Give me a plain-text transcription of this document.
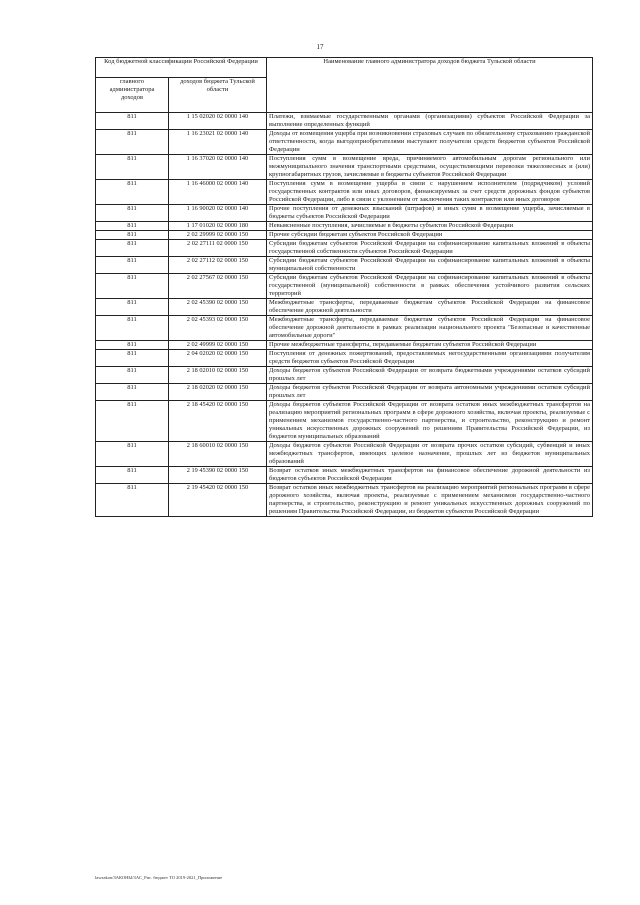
17
Код бюджетной классификации Российской Федерации		Наименование главного администратора доходов бюджета Тульской области
главного администратора доходов	доходов бюджета Тульской области	
811	1 15 02020 02 0000 140	Платежи, взимаемые государственными органами (организациями) субъектов Российской Федерации за выполнение определенных функций
811	1 16 23021 02 0000 140	Доходы от возмещения ущерба при возникновении страховых случаев по обязательному страхованию гражданской ответственности, когда выгодоприобретателями выступают получатели средств бюджетов субъектов Российской Федерации
811	1 16 37020 02 0000 140	Поступления сумм в возмещение вреда, причиняемого автомобильным дорогам регионального или межмуниципального значения транспортными средствами, осуществляющими перевозки тяжеловесных и (или) крупногабаритных грузов, зачисляемые в бюджеты субъектов Российской Федерации
811	1 16 46000 02 0000 140	Поступления сумм в возмещение ущерба в связи с нарушением исполнителем (подрядчиком) условий государственных контрактов или иных договоров, финансируемых за счет средств дорожных фондов субъектов Российской Федерации, либо в связи с уклонением от заключения таких контрактов или иных договоров
811	1 16 90020 02 0000 140	Прочие поступления от денежных взысканий (штрафов) и иных сумм в возмещение ущерба, зачисляемые в бюджеты субъектов Российской Федерации
811	1 17 01020 02 0000 180	Невыясненные поступления, зачисляемые в бюджеты субъектов Российской Федерации
811	2 02 29999 02 0000 150	Прочие субсидии бюджетам субъектов Российской Федерации
811	2 02 27111 02 0000 150	Субсидии бюджетам субъектов Российской Федерации на софинансирование капитальных вложений в объекты государственной собственности субъектов Российской Федерации
811	2 02 27112 02 0000 150	Субсидии бюджетам субъектов Российской Федерации на софинансирование капитальных вложений в объекты муниципальной собственности
811	2 02 27567 02 0000 150	Субсидии бюджетам субъектов Российской Федерации на софинансирование капитальных вложений в объекты государственной (муниципальной) собственности в рамках обеспечения устойчивого развития сельских территорий
811	2 02 45390 02 0000 150	Межбюджетные трансферты, передаваемые бюджетам субъектов Российской Федерации на финансовое обеспечение дорожной деятельности
811	2 02 45393 02 0000 150	Межбюджетные трансферты, передаваемые бюджетам субъектов Российской Федерации на финансовое обеспечение дорожной деятельности в рамках реализации национального проекта "Безопасные и качественные автомобильные дороги"
811	2 02 49999 02 0000 150	Прочие межбюджетные трансферты, передаваемые бюджетам субъектов Российской Федерации
811	2 04 02020 02 0000 150	Поступления от денежных пожертвований, предоставляемых негосударственными организациями получателям средств бюджетов субъектов Российской Федерации
811	2 18 02010 02 0000 150	Доходы бюджетов субъектов Российской Федерации от возврата бюджетными учреждениями остатков субсидий прошлых лет
811	2 18 02020 02 0000 150	Доходы бюджетов субъектов Российской Федерации от возврата автономными учреждениями остатков субсидий прошлых лет
811	2 18 45420 02 0000 150	Доходы бюджетов субъектов Российской Федерации от возврата остатков иных межбюджетных трансфертов на реализацию мероприятий региональных программ в сфере дорожного хозяйства, включая проекты, реализуемые с применением механизмов государственно-частного партнерства, и строительство, реконструкцию и ремонт уникальных искусственных дорожных сооружений по решениям Правительства Российской Федерации, из бюджетов муниципальных образований
811	2 18 60010 02 0000 150	Доходы бюджетов субъектов Российской Федерации от возврата прочих остатков субсидий, субвенций и иных межбюджетных трансфертов, имеющих целевое назначение, прошлых лет из бюджетов муниципальных образований
811	2 19 45390 02 0000 150	Возврат остатков иных межбюджетных трансфертов на финансовое обеспечение дорожной деятельности из бюджетов субъектов Российской Федерации
811	2 19 45420 02 0000 150	Возврат остатков иных межбюджетных трансфертов на реализацию мероприятий региональных программ в сфере дорожного хозяйства, включая проекты, реализуемые с применением механизмов государственно-частного партнерства, и строительство, реконструкцию и ремонт уникальных искусственных дорожных сооружений по решениям Правительства Российской Федерации, из бюджетов субъектов Российской Федерации
lawzakon/ЗАКОНЫ/ЗАС_Рис. бюджет ТО 2019-2021_Приложение
